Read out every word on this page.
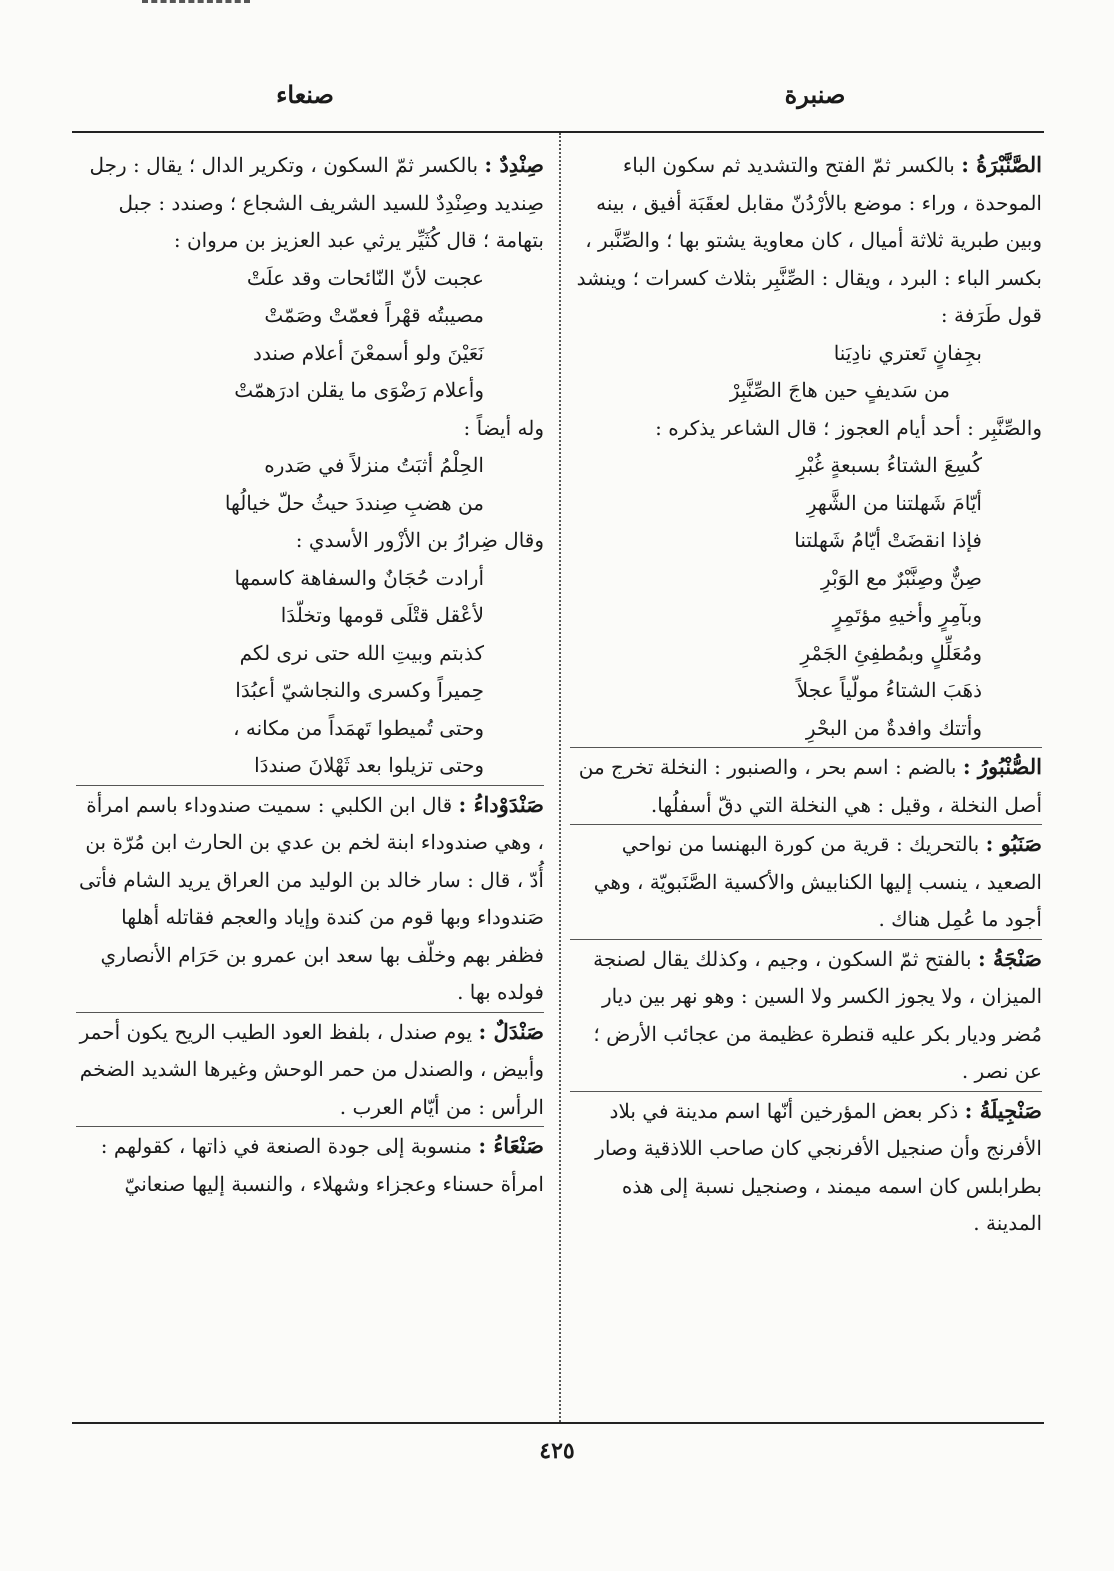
صنبرة
صنعاء

الصَّنَّبْرَةُ : بالكسر ثمّ الفتح والتشديد ثم سكون الباء الموحدة ، وراء : موضع بالأرْدُنّ مقابل لعقَبَة أفيق ، بينه وبين طبرية ثلاثة أميال ، كان معاوية يشتو بها ؛ والصِّنَّبر ، بكسر الباء : البرد ، ويقال : الصِّنَّبِر بثلاث كسرات ؛ وينشد قول طَرَفة :

بجِفانٍ تَعتري نادِيَنا

من سَديفٍ حين هاجَ الصِّنَّبِرْ

والصِّنَّبِر : أحد أيام العجوز ؛ قال الشاعر يذكره :

كُسِعَ الشتاءُ بسبعةٍ غُبْرِ

أيّامَ شَهلتنا من الشَّهرِ

فإذا انقضَتْ أيّامُ شَهلتنا

صِنٌّ وصِنَّبْرٌ مع الوَبْرِ

وبآمِرٍ وأخيهِ مؤتَمِرٍ

ومُعَلِّلٍ وبمُطفِئِ الجَمْرِ

ذهَبَ الشتاءُ مولّياً عجلاً

وأتتك وافدةٌ من البحْرِ

الصُّنْبُورُ : بالضم : اسم بحر ، والصنبور : النخلة تخرج من أصل النخلة ، وقيل : هي النخلة التي دقّ أسفلُها.

صَنَبُو : بالتحريك : قرية من كورة البهنسا من نواحي الصعيد ، ينسب إليها الكنابيش والأكسية الصَّنَبويّة ، وهي أجود ما عُمِل هناك .

صَنْجَةُ : بالفتح ثمّ السكون ، وجيم ، وكذلك يقال لصنجة الميزان ، ولا يجوز الكسر ولا السين : وهو نهر بين ديار مُضر وديار بكر عليه قنطرة عظيمة من عجائب الأرض ؛ عن نصر .

صَنْجِيلَةُ : ذكر بعض المؤرخين أنّها اسم مدينة في بلاد الأفرنج وأن صنجيل الأفرنجي كان صاحب اللاذقية وصار بطرابلس كان اسمه ميمند ، وصنجيل نسبة إلى هذه المدينة .

صِنْدِدٌ : بالكسر ثمّ السكون ، وتكرير الدال ؛ يقال : رجل صِنديد وصِنْدِدٌ للسيد الشريف الشجاع ؛ وصندد : جبل بتهامة ؛ قال كُثَيِّر يرثي عبد العزيز بن مروان :

عجبت لأنّ النّائحات وقد علَتْ

مصيبتُه قهْراً فعمّتْ وصَمّتْ

نَعَيْنَ ولو أسمعْنَ أعلام صندد

وأعلام رَضْوَى ما يقلن ادرَهمّتْ

وله أيضاً :

الحِلْمُ أثبَتُ منزلاً في صَدره

من هضبِ صِنددَ حيثُ حلّ خيالُها

وقال ضِرارُ بن الأزْور الأسدي :

أرادت حُجَانٌ والسفاهة كاسمها

لأعْقل قتْلَى قومها وتخلّدَا

كذبتم وبيتِ الله حتى نرى لكم

حِميراً وكسرى والنجاشيّ أعبُدَا

وحتى تُميطوا تَهمَداً من مكانه ،

وحتى تزيلوا بعد ثَهْلانَ صنددَا

صَنْدَوْداءُ : قال ابن الكلبي : سميت صندوداء باسم امرأة ، وهي صندوداء ابنة لخم بن عدي بن الحارث ابن مُرّة بن أُدّ ، قال : سار خالد بن الوليد من العراق يريد الشام فأتى صَندوداء وبها قوم من كندة وإياد والعجم فقاتله أهلها فظفر بهم وخلّف بها سعد ابن عمرو بن حَرَام الأنصاري فولده بها .

صَنْدَلٌ : يوم صندل ، بلفظ العود الطيب الريح يكون أحمر وأبيض ، والصندل من حمر الوحش وغيرها الشديد الضخم الرأس : من أيّام العرب .

صَنْعَاءُ : منسوبة إلى جودة الصنعة في ذاتها ، كقولهم : امرأة حسناء وعجزاء وشهلاء ، والنسبة إليها صنعانيّ

٤٢٥
